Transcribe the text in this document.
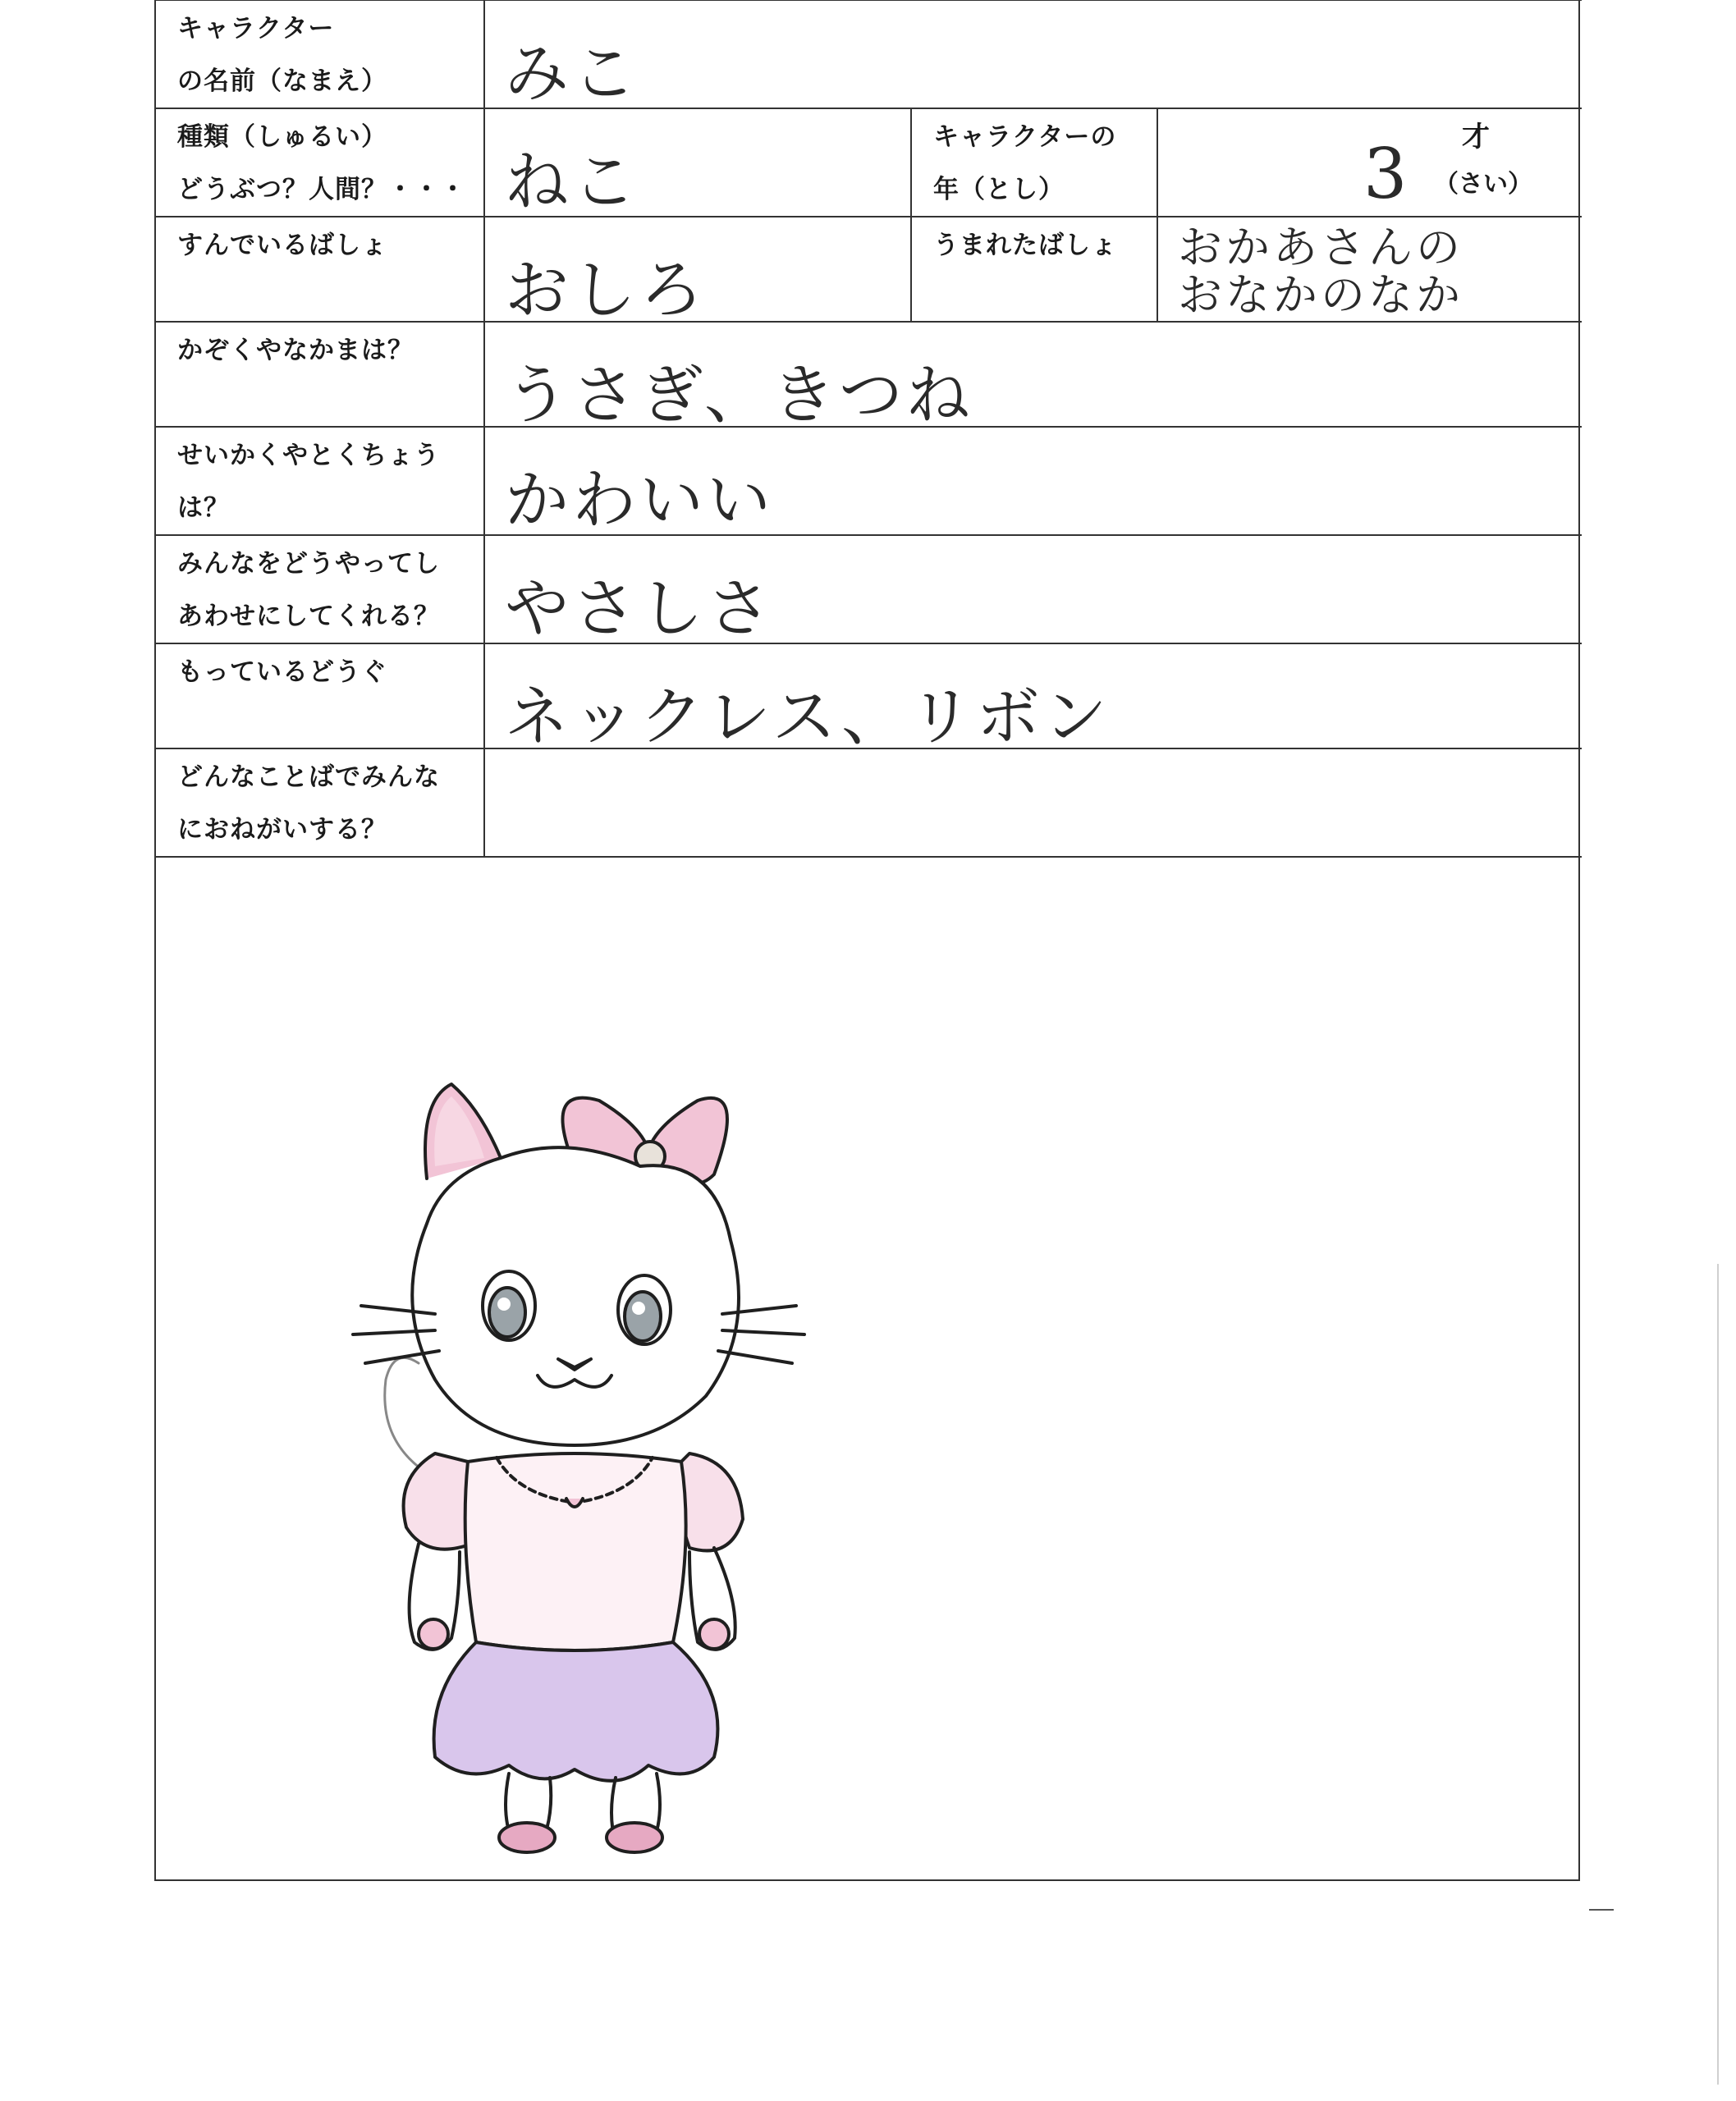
キャラクター
の名前（なまえ）	みこ		

種類（しゅるい）
どうぶつ？人間？・・・	ねこ	キャラクターの
年（とし）	3 才
（さい）

すんでいるばしょ	おしろ	うまれたばしょ	おかあさんの
おなかのなか

かぞくやなかまは？	うさぎ、きつね		

せいかくやとくちょう
は？	かわいい		

みんなをどうやってし
あわせにしてくれる？	やさしさ		

もっているどうぐ	ネックレス、リボン		

どんなことばでみんな
におねがいする？			
